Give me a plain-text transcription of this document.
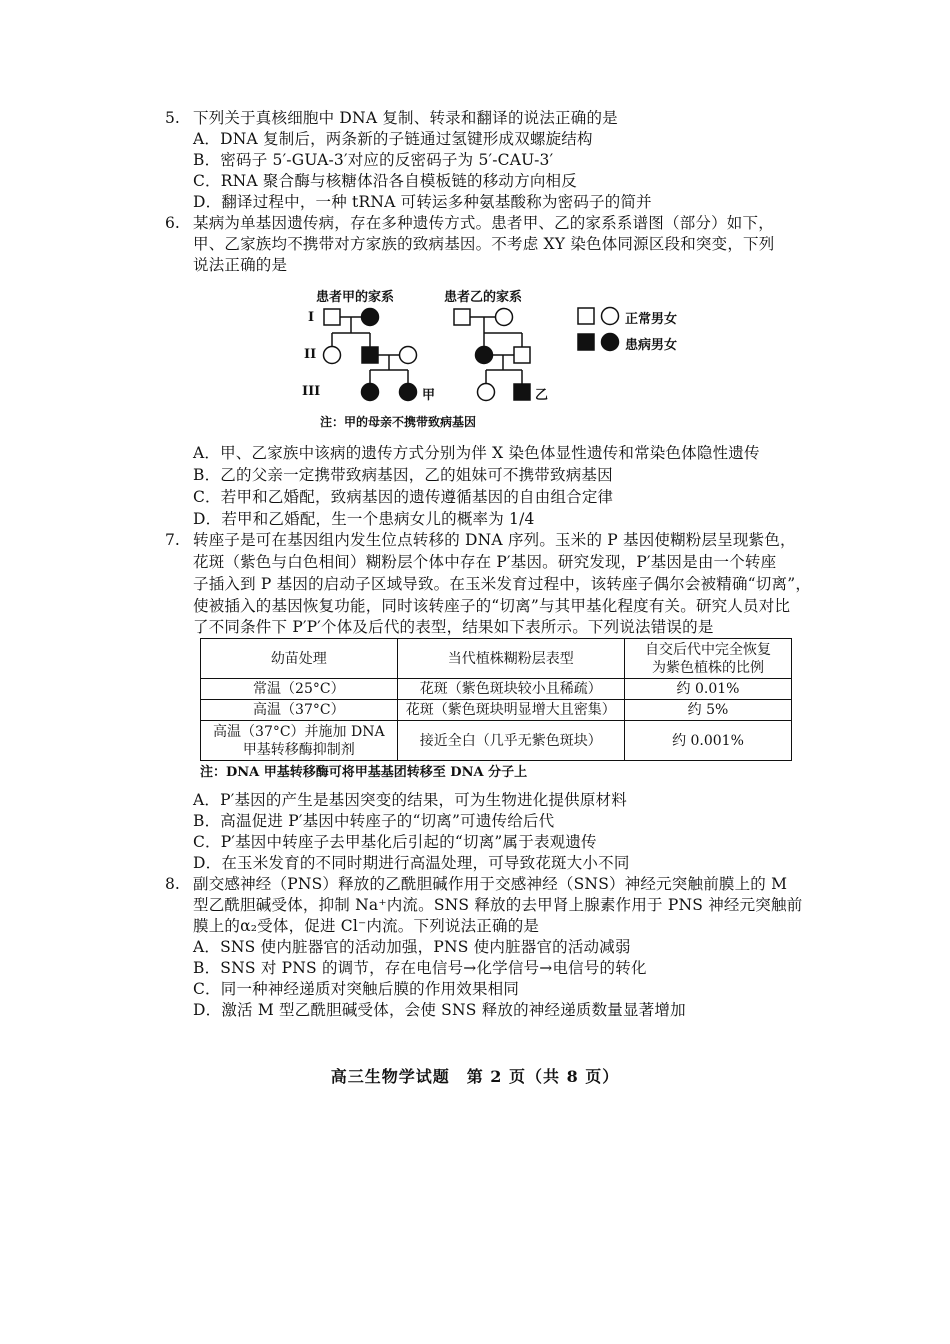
5. 下列关于真核细胞中 DNA 复制、转录和翻译的说法正确的是
A．DNA 复制后，两条新的子链通过氢键形成双螺旋结构
B．密码子 5′-GUA-3′对应的反密码子为 5′-CAU-3′
C．RNA 聚合酶与核糖体沿各自模板链的移动方向相反
D．翻译过程中，一种 tRNA 可转运多种氨基酸称为密码子的简并
6. 某病为单基因遗传病，存在多种遗传方式。患者甲、乙的家系系谱图（部分）如下，
甲、乙家族均不携带对方家族的致病基因。不考虑 XY 染色体同源区段和突变，下列
说法正确的是
患者甲的家系	患者乙的家系
I
II
III	甲	乙
正常男女
患病男女
注：甲的母亲不携带致病基因
A．甲、乙家族中该病的遗传方式分别为伴 X 染色体显性遗传和常染色体隐性遗传
B．乙的父亲一定携带致病基因，乙的姐妹可不携带致病基因
C．若甲和乙婚配，致病基因的遗传遵循基因的自由组合定律
D．若甲和乙婚配，生一个患病女儿的概率为 1/4
7. 转座子是可在基因组内发生位点转移的 DNA 序列。玉米的 P 基因使糊粉层呈现紫色，
花斑（紫色与白色相间）糊粉层个体中存在 P′基因。研究发现，P′基因是由一个转座
子插入到 P 基因的启动子区域导致。在玉米发育过程中，该转座子偶尔会被精确“切离”，
使被插入的基因恢复功能，同时该转座子的“切离”与其甲基化程度有关。研究人员对比
了不同条件下 P′P′个体及后代的表型，结果如下表所示。下列说法错误的是
幼苗处理	当代植株糊粉层表型	自交后代中完全恢复
为紫色植株的比例

常温（25°C）	花斑（紫色斑块较小且稀疏）	约 0.01%
高温（37°C）	花斑（紫色斑块明显增大且密集）	约 5%

高温（37°C）并施加 DNA
甲基转移酶抑制剂	接近全白（几乎无紫色斑块）	约 0.001%
注：DNA 甲基转移酶可将甲基基团转移至 DNA 分子上
A．P′基因的产生是基因突变的结果，可为生物进化提供原材料
B．高温促进 P′基因中转座子的“切离”可遗传给后代
C．P′基因中转座子去甲基化后引起的“切离”属于表观遗传
D．在玉米发育的不同时期进行高温处理，可导致花斑大小不同
8. 副交感神经（PNS）释放的乙酰胆碱作用于交感神经（SNS）神经元突触前膜上的 M
型乙酰胆碱受体，抑制 Na⁺内流。SNS 释放的去甲肾上腺素作用于 PNS 神经元突触前
膜上的α₂受体，促进 Cl⁻内流。下列说法正确的是
A．SNS 使内脏器官的活动加强，PNS 使内脏器官的活动减弱
B．SNS 对 PNS 的调节，存在电信号→化学信号→电信号的转化
C．同一种神经递质对突触后膜的作用效果相同
D．激活 M 型乙酰胆碱受体，会使 SNS 释放的神经递质数量显著增加
高三生物学试题　第 2 页（共 8 页）
